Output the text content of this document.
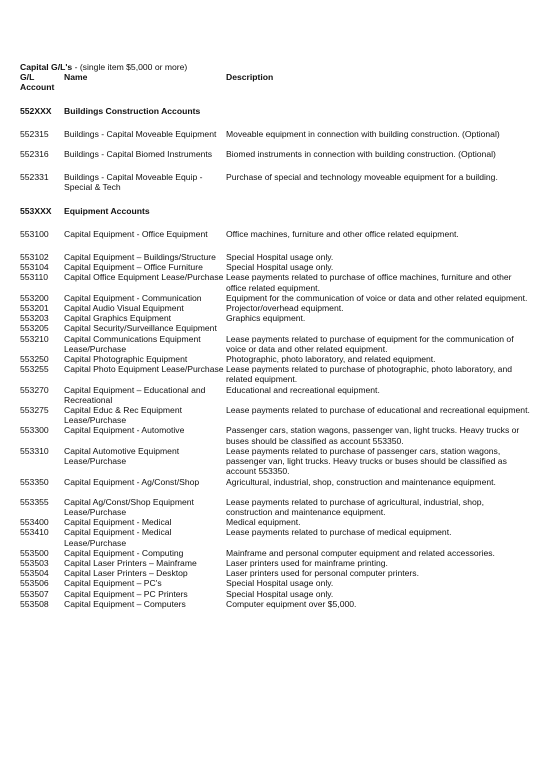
Capital G/L's - (single item $5,000 or more)
G/L
Account	Name	Description

552XXX	Buildings Construction Accounts	

552315	Buildings - Capital Moveable Equipment	Moveable equipment in connection with building construction. (Optional)

552316	Buildings - Capital Biomed Instruments	Biomed instruments in connection with building construction. (Optional)

552331	Buildings - Capital Moveable Equip - Special & Tech	Purchase of special and technology moveable equipment for a building.

553XXX	Equipment Accounts	

553100	Capital Equipment - Office Equipment	Office machines, furniture and other office related equipment.

553102	Capital Equipment – Buildings/Structure	Special Hospital usage only.
553104	Capital Equipment – Office Furniture	Special Hospital usage only.
553110	Capital Office Equipment Lease/Purchase	Lease payments related to purchase of office machines, furniture and other office related equipment.
553200	Capital Equipment - Communication	Equipment for the communication of voice or data and other related equipment.
553201	Capital Audio Visual Equipment	Projector/overhead equipment.
553203	Capital Graphics Equipment	Graphics equipment.
553205	Capital Security/Surveillance Equipment	
553210	Capital Communications Equipment Lease/Purchase	Lease payments related to purchase of equipment for the communication of voice or data and other related equipment.
553250	Capital Photographic Equipment	Photographic, photo laboratory, and related equipment.
553255	Capital Photo Equipment Lease/Purchase	Lease payments related to purchase of photographic, photo laboratory, and related equipment.
553270	Capital Equipment – Educational and Recreational	Educational and recreational equipment.
553275	Capital Educ & Rec Equipment Lease/Purchase	Lease payments related to purchase of educational and recreational equipment.
553300	Capital Equipment - Automotive	Passenger cars, station wagons, passenger van, light trucks. Heavy trucks or buses should be classified as account 553350.
553310	Capital Automotive Equipment Lease/Purchase	Lease payments related to purchase of passenger cars, station wagons, passenger van, light trucks. Heavy trucks or buses should be classified as account 553350.
553350	Capital Equipment - Ag/Const/Shop	Agricultural, industrial, shop, construction and maintenance equipment.

553355	Capital Ag/Const/Shop Equipment Lease/Purchase	Lease payments related to purchase of agricultural, industrial, shop, construction and maintenance equipment.
553400	Capital Equipment - Medical	Medical equipment.
553410	Capital Equipment - Medical Lease/Purchase	Lease payments related to purchase of medical equipment.
553500	Capital Equipment - Computing	Mainframe and personal computer equipment and related accessories.
553503	Capital Laser Printers – Mainframe	Laser printers used for mainframe printing.
553504	Capital Laser Printers – Desktop	Laser printers used for personal computer printers.
553506	Capital Equipment – PC's	Special Hospital usage only.
553507	Capital Equipment – PC Printers	Special Hospital usage only.
553508	Capital Equipment – Computers	Computer equipment over $5,000.
